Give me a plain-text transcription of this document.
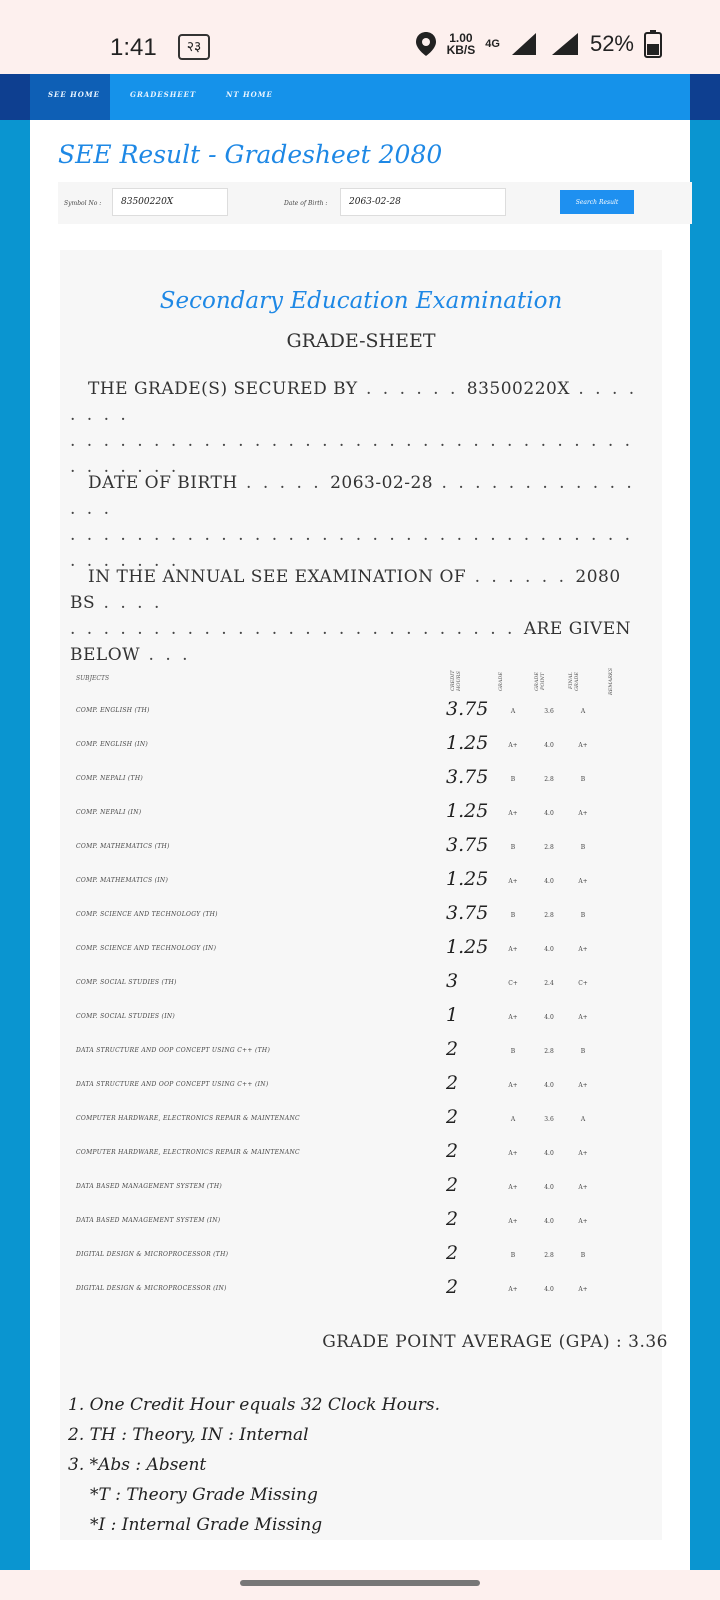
1:41	२३
1.00
KB/S 4G	52%
SEE HOME	GRADESHEET	NT HOME
SEE Result - Gradesheet 2080
Symbol No :
83500220X	Date of Birth :
2063-02-28	Search Result
Secondary Education Examination
GRADE-SHEET
THE GRADE(S) SECURED BY . . . . . . 83500220X . . . . . . . .
. . . . . . . . . . . . . . . . . . . . . . . . . . . . . . . . . .
. . . . . . .
DATE OF BIRTH . . . . . 2063-02-28 . . . . . . . . . . . . . . .
. . . . . . . . . . . . . . . . . . . . . . . . . . . . . . . . . .
. . . . . . .
IN THE ANNUAL SEE EXAMINATION OF . . . . . . 2080 BS . . . .
. . . . . . . . . . . . . . . . . . . . . . . . . . . ARE GIVEN
BELOW . . .
SUBJECTS	CREDIT HOURS	GRADE	GRADE POINT	FINAL GRADE	REMARKS
COMP. ENGLISH (TH)	3.75	A	3.6	A
COMP. ENGLISH (IN)	1.25	A+	4.0	A+
COMP. NEPALI (TH)	3.75	B	2.8	B
COMP. NEPALI (IN)	1.25	A+	4.0	A+
COMP. MATHEMATICS (TH)	3.75	B	2.8	B
COMP. MATHEMATICS (IN)	1.25	A+	4.0	A+
COMP. SCIENCE AND TECHNOLOGY (TH)	3.75	B	2.8	B
COMP. SCIENCE AND TECHNOLOGY (IN)	1.25	A+	4.0	A+
COMP. SOCIAL STUDIES (TH)	3	C+	2.4	C+
COMP. SOCIAL STUDIES (IN)	1	A+	4.0	A+
DATA STRUCTURE AND OOP CONCEPT USING C++ (TH)	2	B	2.8	B
DATA STRUCTURE AND OOP CONCEPT USING C++ (IN)	2	A+	4.0	A+
COMPUTER HARDWARE, ELECTRONICS REPAIR & MAINTENANC	2	A	3.6	A
COMPUTER HARDWARE, ELECTRONICS REPAIR & MAINTENANC	2	A+	4.0	A+
DATA BASED MANAGEMENT SYSTEM (TH)	2	A+	4.0	A+
DATA BASED MANAGEMENT SYSTEM (IN)	2	A+	4.0	A+
DIGITAL DESIGN & MICROPROCESSOR (TH)	2	B	2.8	B
DIGITAL DESIGN & MICROPROCESSOR (IN)	2	A+	4.0	A+
GRADE POINT AVERAGE (GPA) : 3.36
1. One Credit Hour equals 32 Clock Hours.
2. TH : Theory, IN : Internal
3. *Abs : Absent
*T : Theory Grade Missing
*I : Internal Grade Missing
